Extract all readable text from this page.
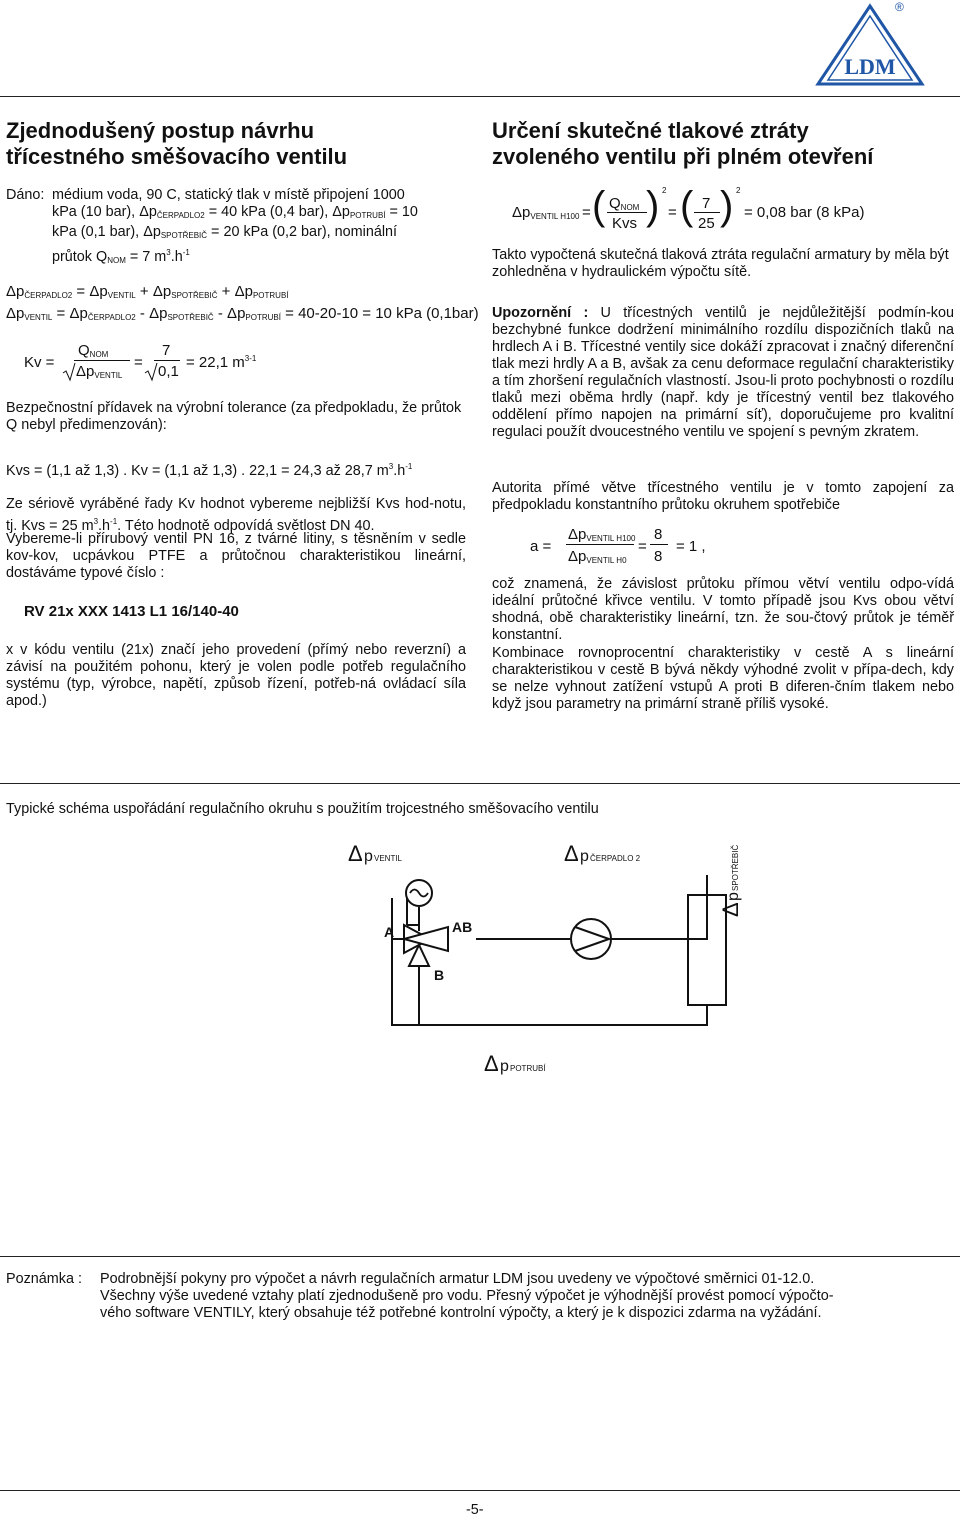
LDM
®
Zjednodušený postup návrhu
třícestného směšovacího ventilu
Dáno: médium voda, 90 C, statický tlak v místě připojení 1000
kPa (10 bar), $\Delta p_{ČERPADLO2} = 40$ kPa (0,4 bar), $\Delta p_{POTRUBÍ} = 10$
kPa (0,1 bar), $\Delta p_{SPOTŘEBIČ} = 20$ kPa (0,2 bar), nominální
průtok $Q_{NOM} = 7$ $m^3.h^{-1}$
$\Delta p_{ČERPADLO2} = \Delta p_{VENTIL} + \Delta p_{SPOTŘEBIČ} + \Delta p_{POTRUBÍ}$
$\Delta p_{VENTIL} = \Delta p_{ČERPADLO2} - \Delta p_{SPOTŘEBIČ} - \Delta p_{POTRUBÍ} = 40-20-10 = 10$ kPa (0,1bar)
Kv =
$Q_{NOM}$
$\Delta p_{VENTIL}$
=
7
0,1
= 22,1 $m^{3-1}$
Bezpečnostní přídavek na výrobní tolerance (za předpokladu, že průtok Q nebyl předimenzován):
Kvs = (1,1 až 1,3) . Kv = (1,1 až 1,3) . 22,1 = 24,3 až 28,7 $m^3.h^{-1}$
Ze sériově vyráběné řady Kv hodnot vybereme nejbližší Kvs hod-notu, tj. Kvs = 25 $m^3.h^{-1}$. Této hodnotě odpovídá světlost DN 40.
Vybereme-li přírubový ventil PN 16, z tvárné litiny, s těsněním v sedle kov-kov, ucpávkou PTFE a průtočnou charakteristikou lineární, dostáváme typové číslo :
RV 21x XXX 1413 L1 16/140-40
x v kódu ventilu (21x) značí jeho provedení (přímý nebo reverzní) a závisí na použitém pohonu, který je volen podle potřeb regulačního systému (typ, výrobce, napětí, způsob řízení, potřeb-ná ovládací síla apod.)
Určení skutečné tlakové ztráty
zvoleného ventilu při plném otevření
$\Delta p_{VENTIL H100}$ = ( $Q_{NOM}$
Kvs ) 2
= ( 7
25 ) 2
= 0,08 bar (8 kPa)
Takto vypočtená skutečná tlaková ztráta regulační armatury by měla být zohledněna v hydraulickém výpočtu sítě.
Upozornění : U třícestných ventilů je nejdůležitější podmín-kou bezchybné funkce dodržení minimálního rozdílu dispozičních tlaků na hrdlech A i B. Třícestné ventily sice dokáží zpracovat i značný diferenční tlak mezi hrdly A a B, avšak za cenu deformace regulační charakteristiky a tím zhoršení regulačních vlastností. Jsou-li proto pochybnosti o rozdílu tlaků mezi oběma hrdly (např. kdy je třícestný ventil bez tlakového oddělení přímo napojen na primární síť), doporučujeme pro kvalitní regulaci použít dvoucestného ventilu ve spojení s pevným zkratem.
Autorita přímé větve třícestného ventilu je v tomto zapojení za předpokladu konstantního průtoku okruhem spotřebiče
a =
$\Delta p_{VENTIL H100}$
$\Delta p_{VENTIL H0}$
=
8
8
= 1 ,
což znamená, že závislost průtoku přímou větví ventilu odpo-vídá ideální průtočné křivce ventilu. V tomto případě jsou Kvs obou větví shodná, obě charakteristiky lineární, tzn. že sou-čtový průtok je téměř konstantní.
Kombinace rovnoprocentní charakteristiky v cestě A s lineární charakteristikou v cestě B bývá někdy výhodné zvolit v přípa-dech, kdy se nelze vyhnout zatížení vstupů A proti B diferen-čním tlakem nebo když jsou parametry na primární straně příliš vysoké.
Typické schéma uspořádání regulačního okruhu s použitím trojcestného směšovacího ventilu
Δ p VENTIL	Δ p ČERPADLO 2
Δ
p
SPOTŘEBIČ
Δ p POTRUBÍ
A	AB
B
Poznámka :	Podrobnější pokyny pro výpočet a návrh regulačních armatur LDM jsou uvedeny ve výpočtové směrnici 01-12.0.
Všechny výše uvedené vztahy platí zjednodušeně pro vodu. Přesný výpočet je výhodnější provést pomocí výpočto-
vého software VENTILY, který obsahuje též potřebné kontrolní výpočty, a který je k dispozici zdarma na vyžádání.
-5-
